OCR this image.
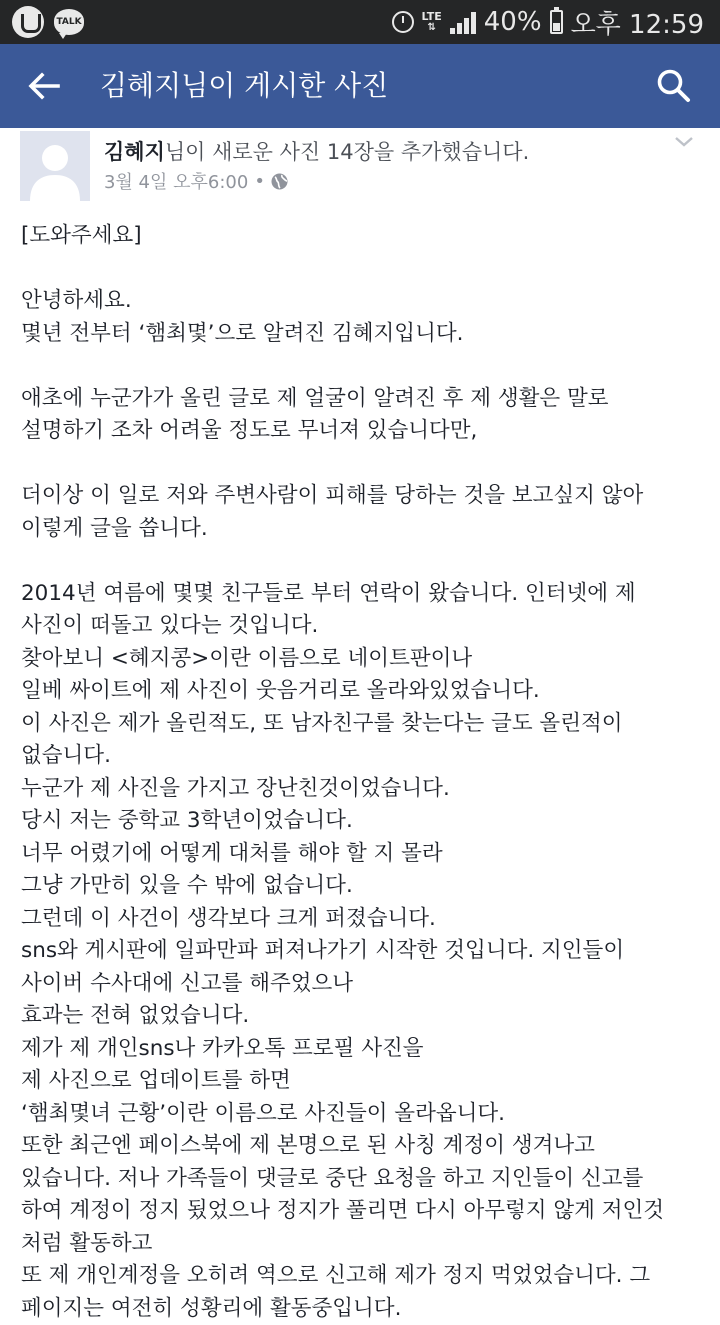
TALK	LTE
⇅ 40% 오후 12:59
김혜지님이 게시한 사진
김혜지님이 새로운 사진 14장을 추가했습니다.
3월 4일 오후6:00 •

[도와주세요]

안녕하세요.

몇년 전부터 ‘햄최몇’으로 알려진 김혜지입니다.

애초에 누군가가 올린 글로 제 얼굴이 알려진 후 제 생활은 말로

설명하기 조차 어려울 정도로 무너져 있습니다만,

더이상 이 일로 저와 주변사람이 피해를 당하는 것을 보고싶지 않아

이렇게 글을 씁니다.

2014년 여름에 몇몇 친구들로 부터 연락이 왔습니다. 인터넷에 제

사진이 떠돌고 있다는 것입니다.

찾아보니 <혜지콩>이란 이름으로 네이트판이나

일베 싸이트에 제 사진이 웃음거리로 올라와있었습니다.

이 사진은 제가 올린적도, 또 남자친구를 찾는다는 글도 올린적이

없습니다.

누군가 제 사진을 가지고 장난친것이었습니다.

당시 저는 중학교 3학년이었습니다.

너무 어렸기에 어떻게 대처를 해야 할 지 몰라

그냥 가만히 있을 수 밖에 없습니다.

그런데 이 사건이 생각보다 크게 퍼졌습니다.

sns와 게시판에 일파만파 퍼져나가기 시작한 것입니다. 지인들이

사이버 수사대에 신고를 해주었으나

효과는 전혀 없었습니다.

제가 제 개인sns나 카카오톡 프로필 사진을

제 사진으로 업데이트를 하면

‘햄최몇녀 근황’이란 이름으로 사진들이 올라옵니다.

또한 최근엔 페이스북에 제 본명으로 된 사칭 계정이 생겨나고

있습니다. 저나 가족들이 댓글로 중단 요청을 하고 지인들이 신고를

하여 계정이 정지 됬었으나 정지가 풀리면 다시 아무렇지 않게 저인것

처럼 활동하고

또 제 개인계정을 오히려 역으로 신고해 제가 정지 먹었었습니다. 그

페이지는 여전히 성황리에 활동중입니다.
